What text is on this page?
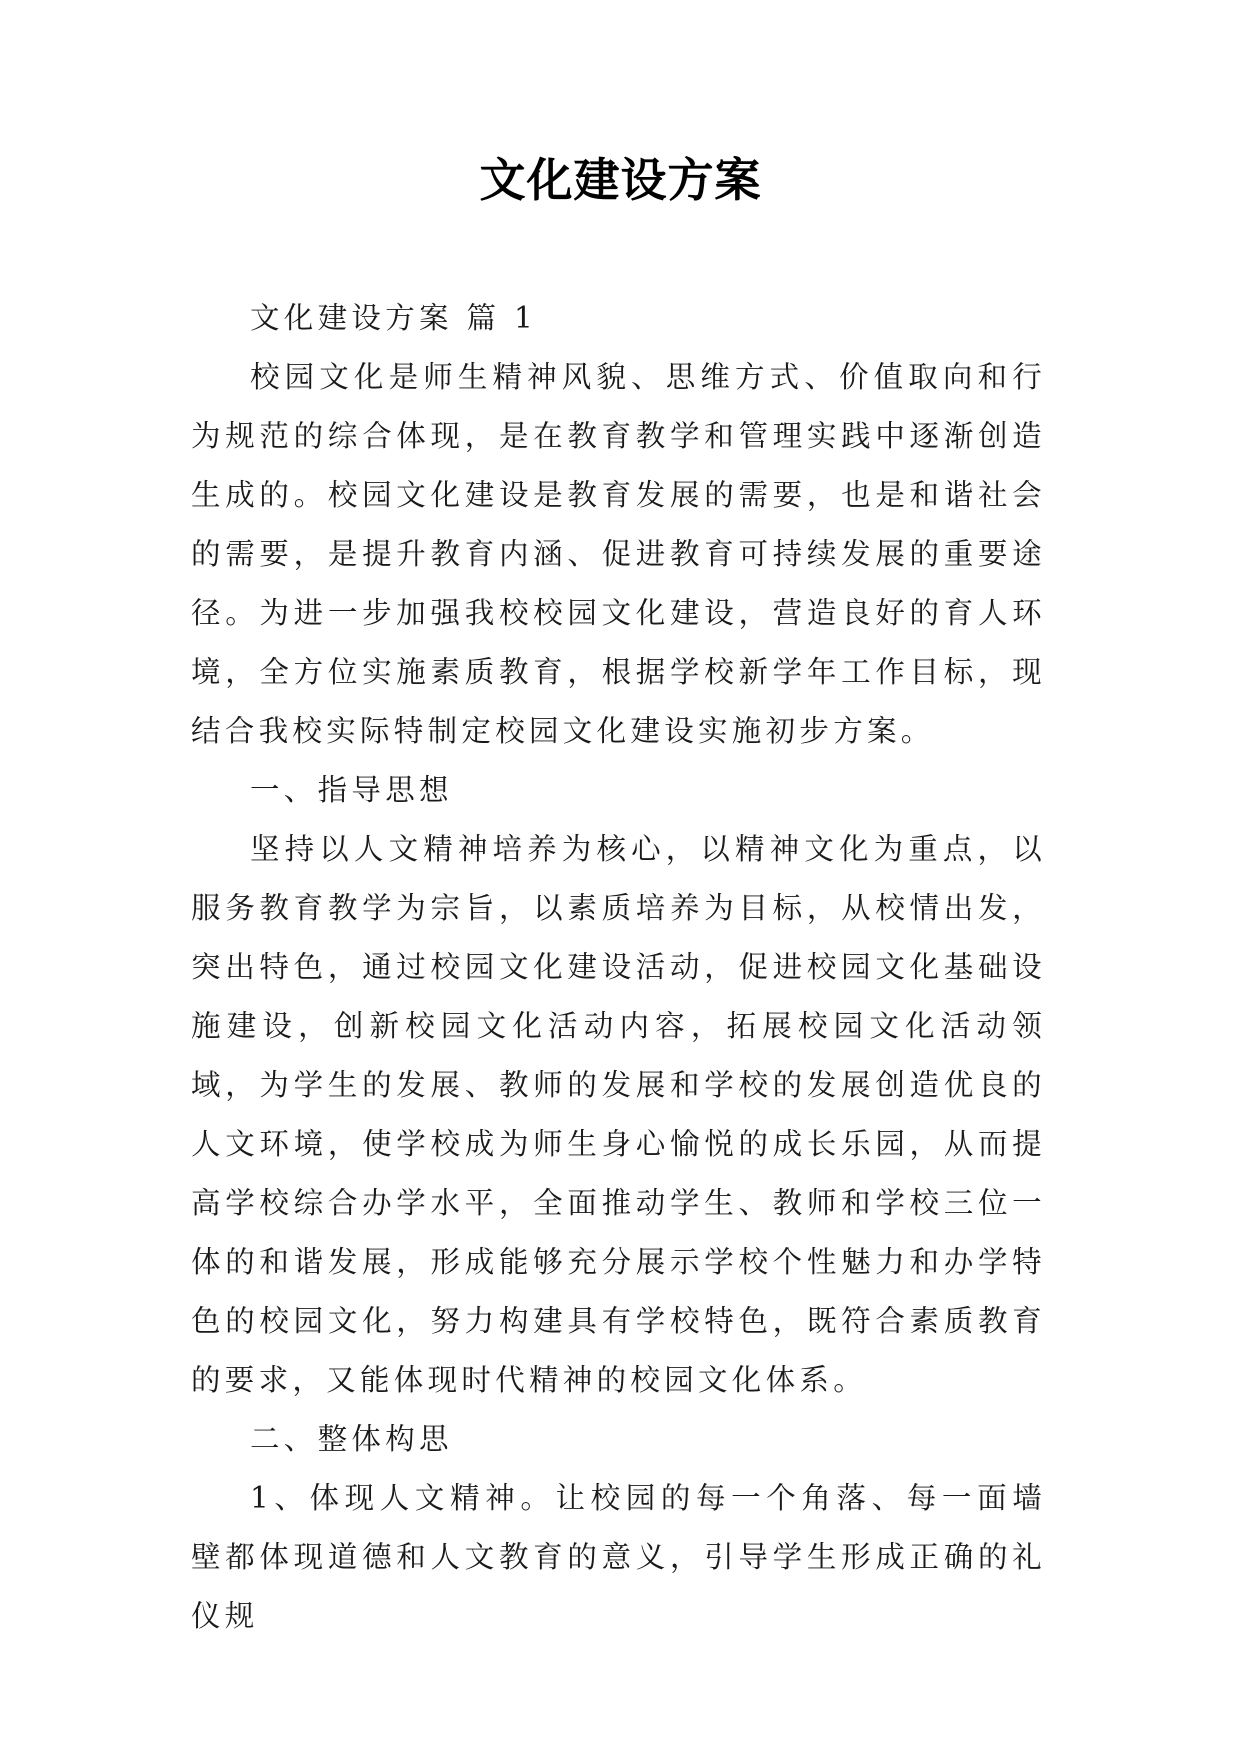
文化建设方案

文化建设方案 篇 1

校园文化是师生精神风貌、思维方式、价值取向和行为规范的综合体现，是在教育教学和管理实践中逐渐创造生成的。校园文化建设是教育发展的需要，也是和谐社会的需要，是提升教育内涵、促进教育可持续发展的重要途径。为进一步加强我校校园文化建设，营造良好的育人环境，全方位实施素质教育，根据学校新学年工作目标，现结合我校实际特制定校园文化建设实施初步方案。

一、指导思想

坚持以人文精神培养为核心，以精神文化为重点，以服务教育教学为宗旨，以素质培养为目标，从校情出发，突出特色，通过校园文化建设活动，促进校园文化基础设施建设，创新校园文化活动内容，拓展校园文化活动领域，为学生的发展、教师的发展和学校的发展创造优良的人文环境，使学校成为师生身心愉悦的成长乐园，从而提高学校综合办学水平，全面推动学生、教师和学校三位一体的和谐发展，形成能够充分展示学校个性魅力和办学特色的校园文化，努力构建具有学校特色，既符合素质教育的要求，又能体现时代精神的校园文化体系。

二、整体构思

1、体现人文精神。让校园的每一个角落、每一面墙壁都体现道德和人文教育的意义，引导学生形成正确的礼仪规
